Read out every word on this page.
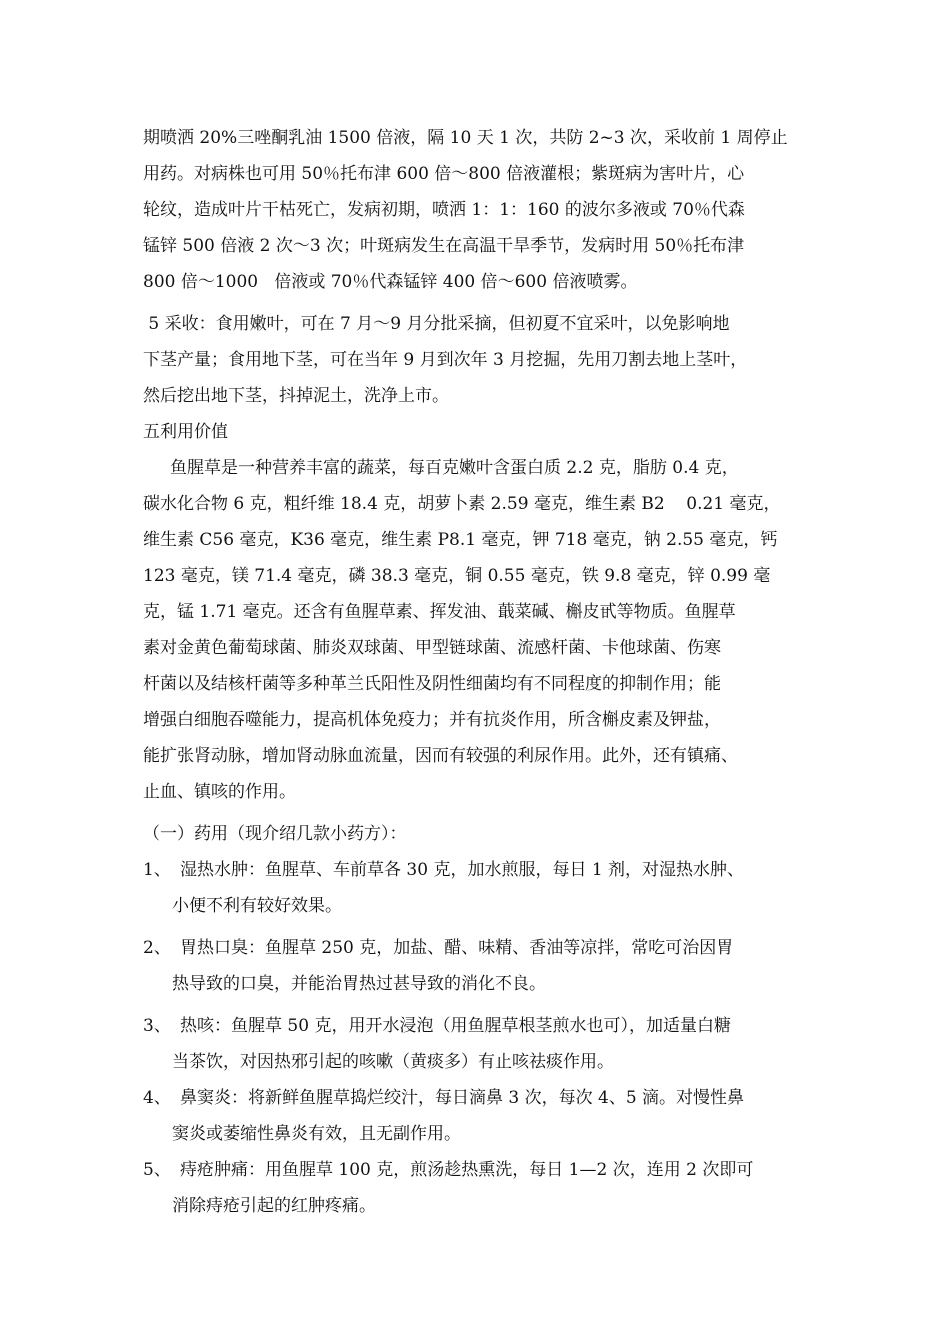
期喷洒 20%三唑酮乳油 1500 倍液，隔 10 天 1 次，共防 2~3 次，采收前 1 周停止
用药。对病株也可用 50％托布津 600 倍～800 倍液灌根；紫斑病为害叶片，心
轮纹，造成叶片干枯死亡，发病初期，喷洒 1：1：160 的波尔多液或 70％代森
锰锌 500 倍液 2 次～3 次；叶斑病发生在高温干旱季节，发病时用 50％托布津
800 倍～1000   倍液或 70％代森锰锌 400 倍～600 倍液喷雾。
5 采收：食用嫩叶，可在 7 月～9 月分批采摘，但初夏不宜采叶，以免影响地
下茎产量；食用地下茎，可在当年 9 月到次年 3 月挖掘，先用刀割去地上茎叶，
然后挖出地下茎，抖掉泥土，洗净上市。
五利用价值
鱼腥草是一种营养丰富的蔬菜，每百克嫩叶含蛋白质 2.2 克，脂肪 0.4 克，
碳水化合物 6 克，粗纤维 18.4 克，胡萝卜素 2.59 毫克，维生素 B2    0.21 毫克，
维生素 C56 毫克，K36 毫克，维生素 P8.1 毫克，钾 718 毫克，钠 2.55 毫克，钙
123 毫克，镁 71.4 毫克，磷 38.3 毫克，铜 0.55 毫克，铁 9.8 毫克，锌 0.99 毫
克，锰 1.71 毫克。还含有鱼腥草素、挥发油、蕺菜碱、槲皮甙等物质。鱼腥草
素对金黄色葡萄球菌、肺炎双球菌、甲型链球菌、流感杆菌、卡他球菌、伤寒
杆菌以及结核杆菌等多种革兰氏阳性及阴性细菌均有不同程度的抑制作用；能
增强白细胞吞噬能力，提高机体免疫力；并有抗炎作用，所含槲皮素及钾盐，
能扩张肾动脉，增加肾动脉血流量，因而有较强的利尿作用。此外，还有镇痛、
止血、镇咳的作用。
（一）药用（现介绍几款小药方）：
1、 湿热水肿：鱼腥草、车前草各 30 克，加水煎服，每日 1 剂，对湿热水肿、
小便不利有较好效果。
2、 胃热口臭：鱼腥草 250 克，加盐、醋、味精、香油等凉拌，常吃可治因胃
热导致的口臭，并能治胃热过甚导致的消化不良。
3、 热咳：鱼腥草 50 克，用开水浸泡（用鱼腥草根茎煎水也可），加适量白糖
当茶饮，对因热邪引起的咳嗽（黄痰多）有止咳祛痰作用。
4、 鼻窦炎：将新鲜鱼腥草捣烂绞汁，每日滴鼻 3 次，每次 4、5 滴。对慢性鼻
窦炎或萎缩性鼻炎有效，且无副作用。
5、 痔疮肿痛：用鱼腥草 100 克，煎汤趁热熏洗，每日 1—2 次，连用 2 次即可
消除痔疮引起的红肿疼痛。
